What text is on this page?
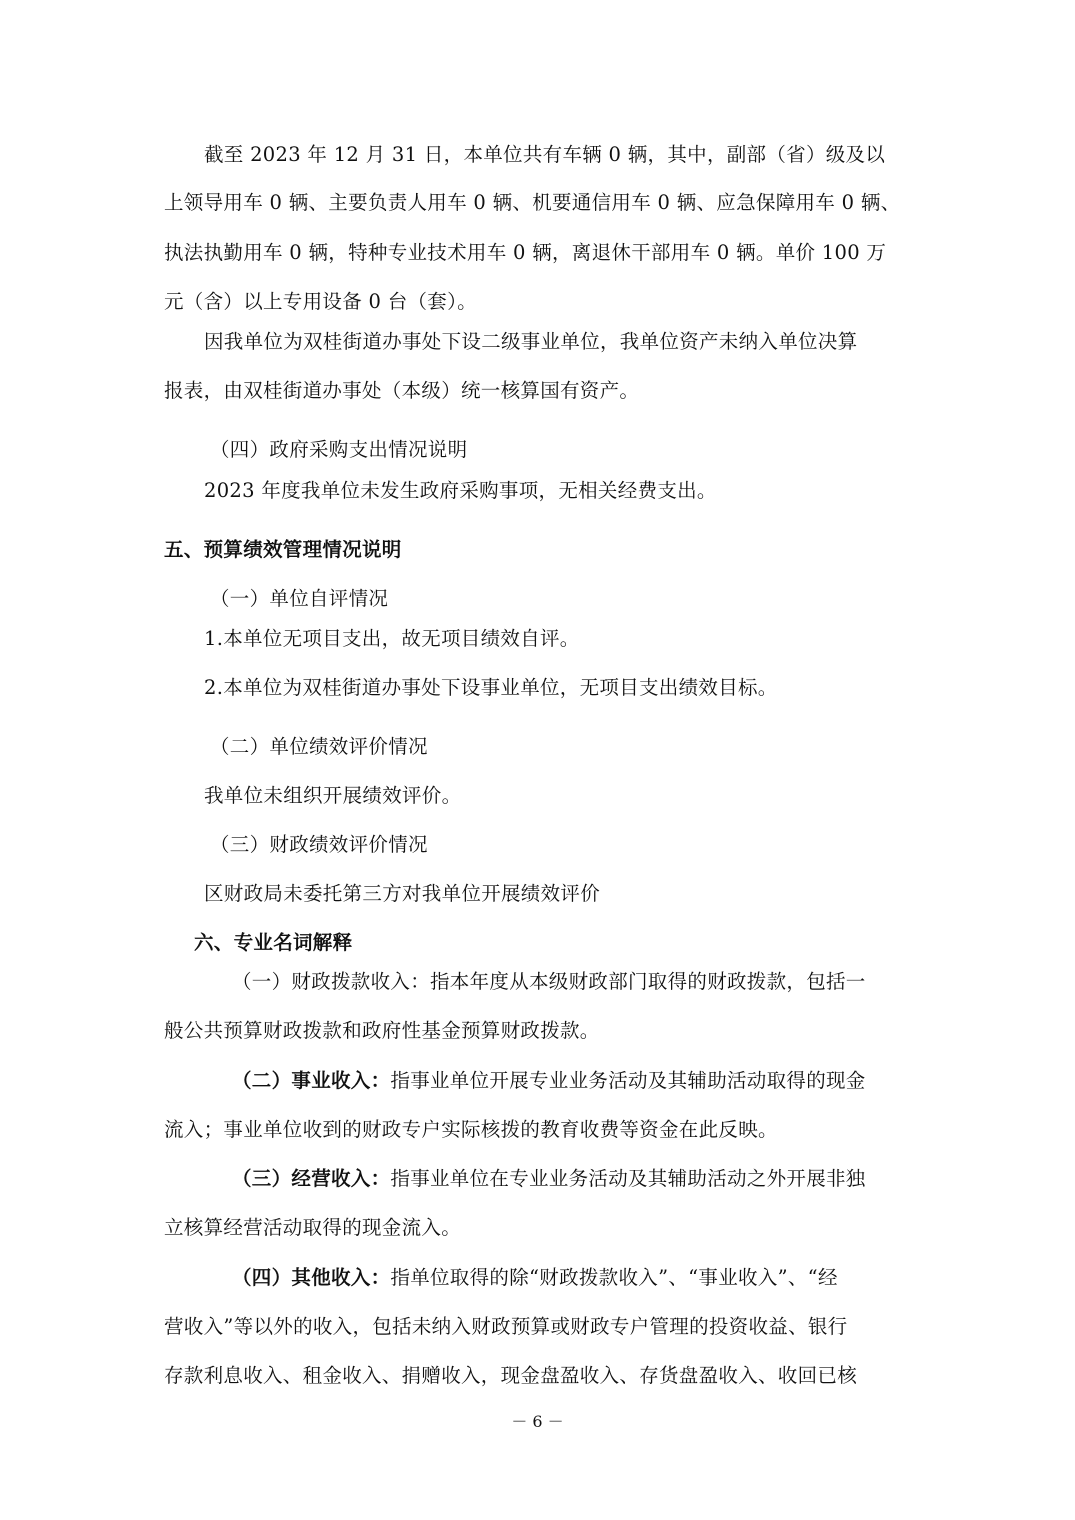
截至 2023 年 12 月 31 日，本单位共有车辆 0 辆，其中，副部（省）级及以
上领导用车 0 辆、主要负责人用车 0 辆、机要通信用车 0 辆、应急保障用车 0 辆、
执法执勤用车 0 辆，特种专业技术用车 0 辆，离退休干部用车 0 辆。单价 100 万
元（含）以上专用设备 0 台（套）。
因我单位为双桂街道办事处下设二级事业单位，我单位资产未纳入单位决算
报表，由双桂街道办事处（本级）统一核算国有资产。
（四）政府采购支出情况说明
2023 年度我单位未发生政府采购事项，无相关经费支出。
五、预算绩效管理情况说明
（一）单位自评情况
1.本单位无项目支出，故无项目绩效自评。
2.本单位为双桂街道办事处下设事业单位，无项目支出绩效目标。
（二）单位绩效评价情况
我单位未组织开展绩效评价。
（三）财政绩效评价情况
区财政局未委托第三方对我单位开展绩效评价
六、专业名词解释
（一）财政拨款收入：指本年度从本级财政部门取得的财政拨款，包括一
般公共预算财政拨款和政府性基金预算财政拨款。
（二）事业收入：指事业单位开展专业业务活动及其辅助活动取得的现金
流入；事业单位收到的财政专户实际核拨的教育收费等资金在此反映。
（三）经营收入：指事业单位在专业业务活动及其辅助活动之外开展非独
立核算经营活动取得的现金流入。
（四）其他收入：指单位取得的除“财政拨款收入”、“事业收入”、“经
营收入”等以外的收入，包括未纳入财政预算或财政专户管理的投资收益、银行
存款利息收入、租金收入、捐赠收入，现金盘盈收入、存货盘盈收入、收回已核
－ 6 －
